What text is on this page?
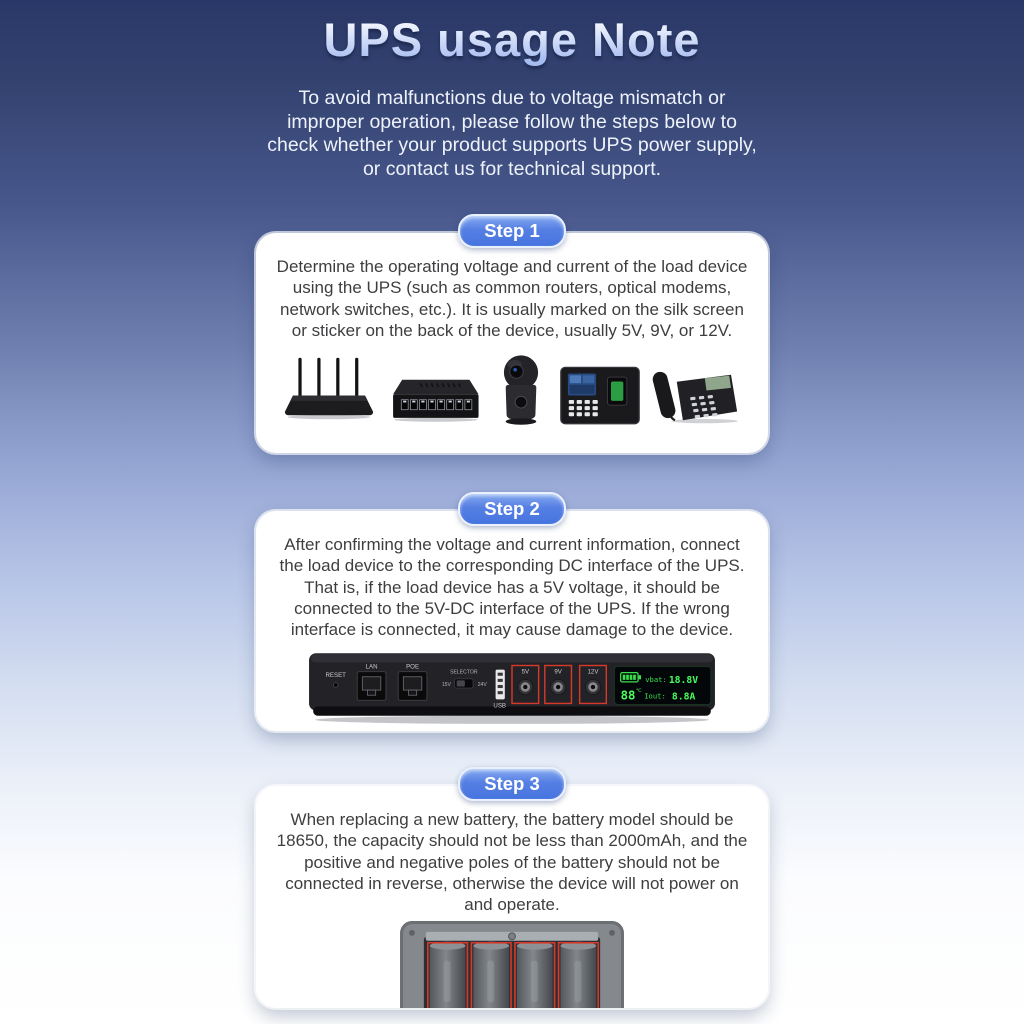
UPS usage Note

To avoid malfunctions due to voltage mismatch or improper operation, please follow the steps below to check whether your product supports UPS power supply, or contact us for technical support.

Step 1

Determine the operating voltage and current of the load device using the UPS (such as common routers, optical modems, network switches, etc.). It is usually marked on the silk screen or sticker on the back of the device, usually 5V, 9V, or 12V.

Step 2

After confirming the voltage and current information, connect the load device to the corresponding DC interface of the UPS. That is, if the load device has a 5V voltage, it should be connected to the 5V-DC interface of the UPS. If the wrong interface is connected, it may cause damage to the device.

RESET
LAN	POE
SELECTOR
15V	24V
USB
5V	9V	12V
vbat: 18.8V
88 ℃
Iout: 8.8A
Step 3

When replacing a new battery, the battery model should be 18650, the capacity should not be less than 2000mAh, and the positive and negative poles of the battery should not be connected in reverse, otherwise the device will not power on and operate.
